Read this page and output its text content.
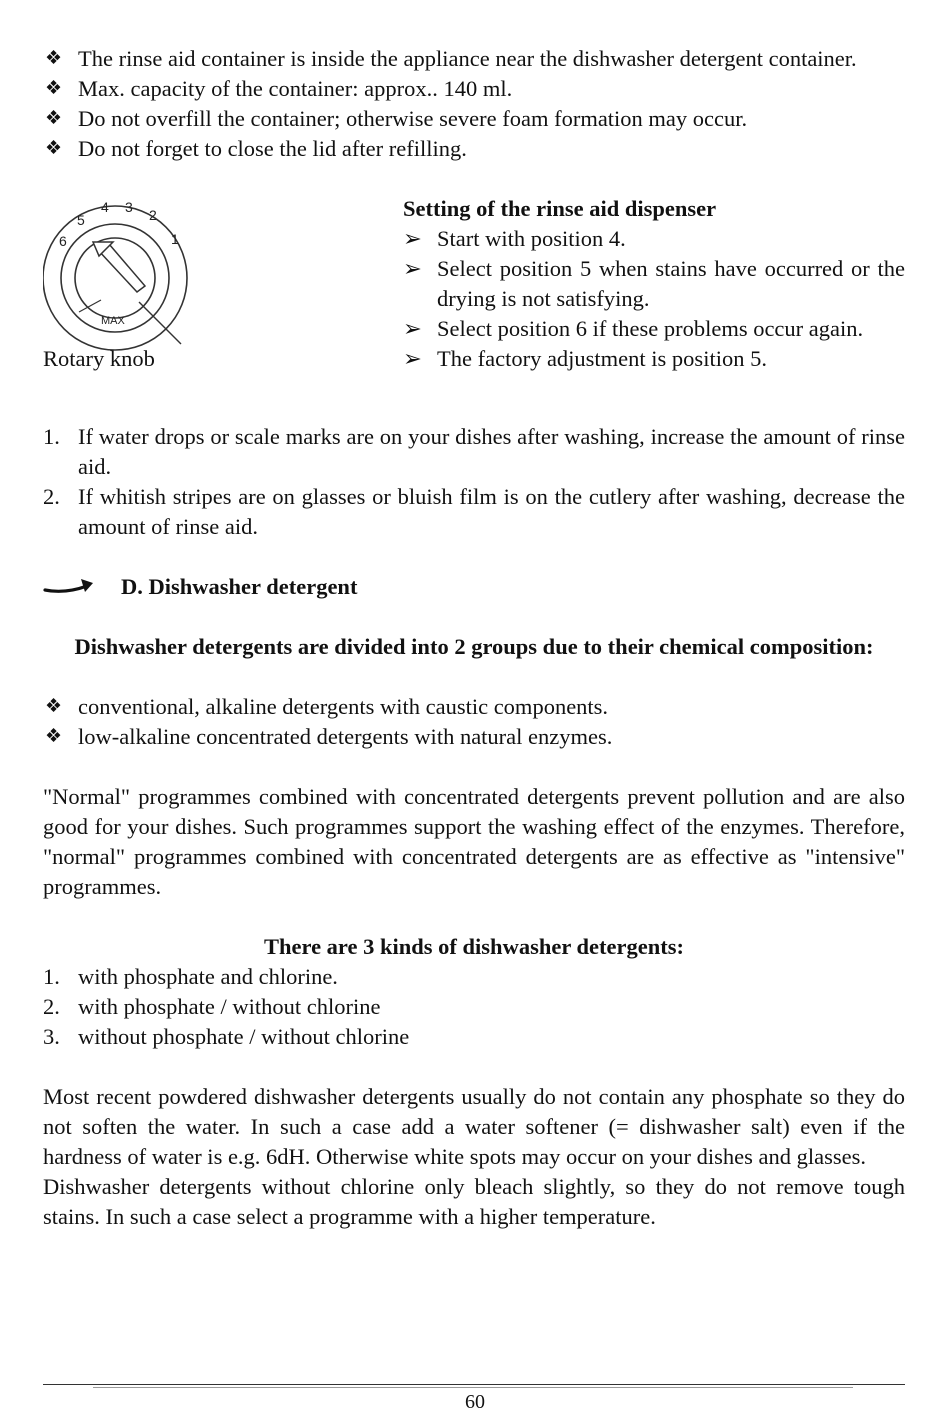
❖ The rinse aid container is inside the appliance near the dishwasher detergent container.
❖ Max. capacity of the container: approx.. 140 ml.
❖ Do not overfill the container; otherwise severe foam formation may occur.
❖ Do not forget to close the lid after refilling.
6
5
4 3 2
1
MAX
Rotary knob
Setting of the rinse aid dispenser
➢ Start with position 4.
➢ Select position 5 when stains have occurred or the drying is not satisfying.
➢ Select position 6 if these problems occur again.
➢ The factory adjustment is position 5.
1. If water drops or scale marks are on your dishes after washing, increase the amount of rinse aid.
2. If whitish stripes are on glasses or bluish film is on the cutlery after washing, decrease the amount of rinse aid.
D. Dishwasher detergent
Dishwasher detergents are divided into 2 groups due to their chemical composition:
❖ conventional, alkaline detergents with caustic components.
❖ low-alkaline concentrated detergents with natural enzymes.
"Normal" programmes combined with concentrated detergents prevent pollution and are also good for your dishes. Such programmes support the washing effect of the enzymes. Therefore, "normal" programmes combined with concentrated detergents are as effective as "intensive" programmes.
There are 3 kinds of dishwasher detergents:
1. with phosphate and chlorine.
2. with phosphate / without chlorine
3. without phosphate / without chlorine
Most recent powdered dishwasher detergents usually do not contain any phosphate so they do not soften the water. In such a case add a water softener (= dishwasher salt) even if the hardness of water is e.g. 6dH. Otherwise white spots may occur on your dishes and glasses.
Dishwasher detergents without chlorine only bleach slightly, so they do not remove tough stains. In such a case select a programme with a higher temperature.
60
